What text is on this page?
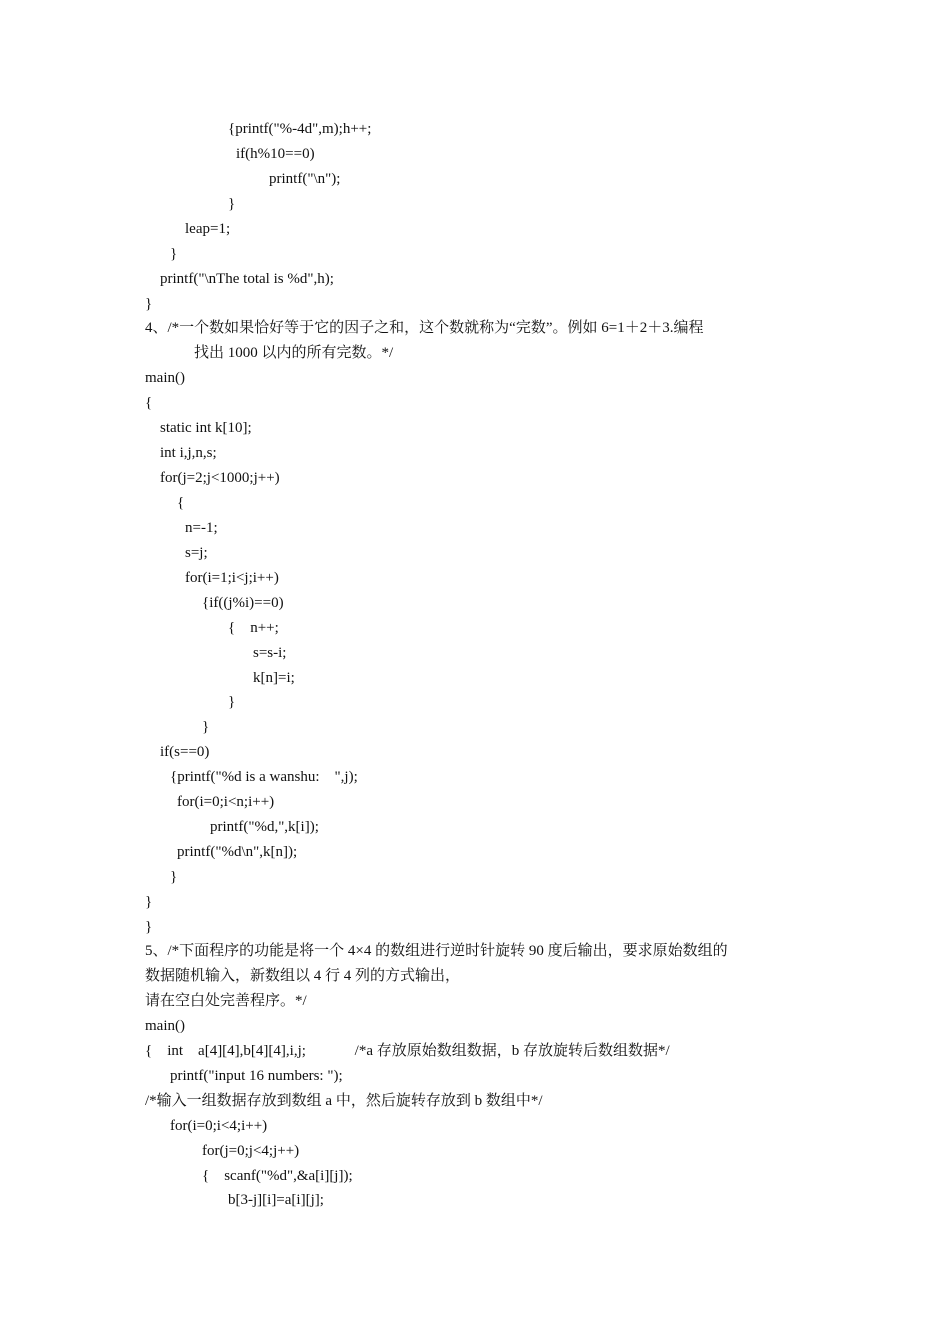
{printf("%-4d",m);h++;
if(h%10==0)
printf("\n");
}
leap=1;
}
printf("\nThe total is %d",h);
}
4、/*一个数如果恰好等于它的因子之和，这个数就称为“完数”。例如 6=1＋2＋3.编程
找出 1000 以内的所有完数。*/
main()
{
static int k[10];
int i,j,n,s;
for(j=2;j<1000;j++)
{
n=-1;
s=j;
for(i=1;i<j;i++)
{if((j%i)==0)
{    n++;
s=s-i;
k[n]=i;
}
}
if(s==0)
{printf("%d is a wanshu:    ",j);
for(i=0;i<n;i++)
printf("%d,",k[i]);
printf("%d\n",k[n]);
}
}
}
5、/*下面程序的功能是将一个 4×4 的数组进行逆时针旋转 90 度后输出，要求原始数组的
数据随机输入，新数组以 4 行 4 列的方式输出，
请在空白处完善程序。*/
main()
{    int    a[4][4],b[4][4],i,j;             /*a 存放原始数组数据，b 存放旋转后数组数据*/
printf("input 16 numbers: ");
/*输入一组数据存放到数组 a 中，然后旋转存放到 b 数组中*/
for(i=0;i<4;i++)
for(j=0;j<4;j++)
{    scanf("%d",&a[i][j]);
b[3-j][i]=a[i][j];
